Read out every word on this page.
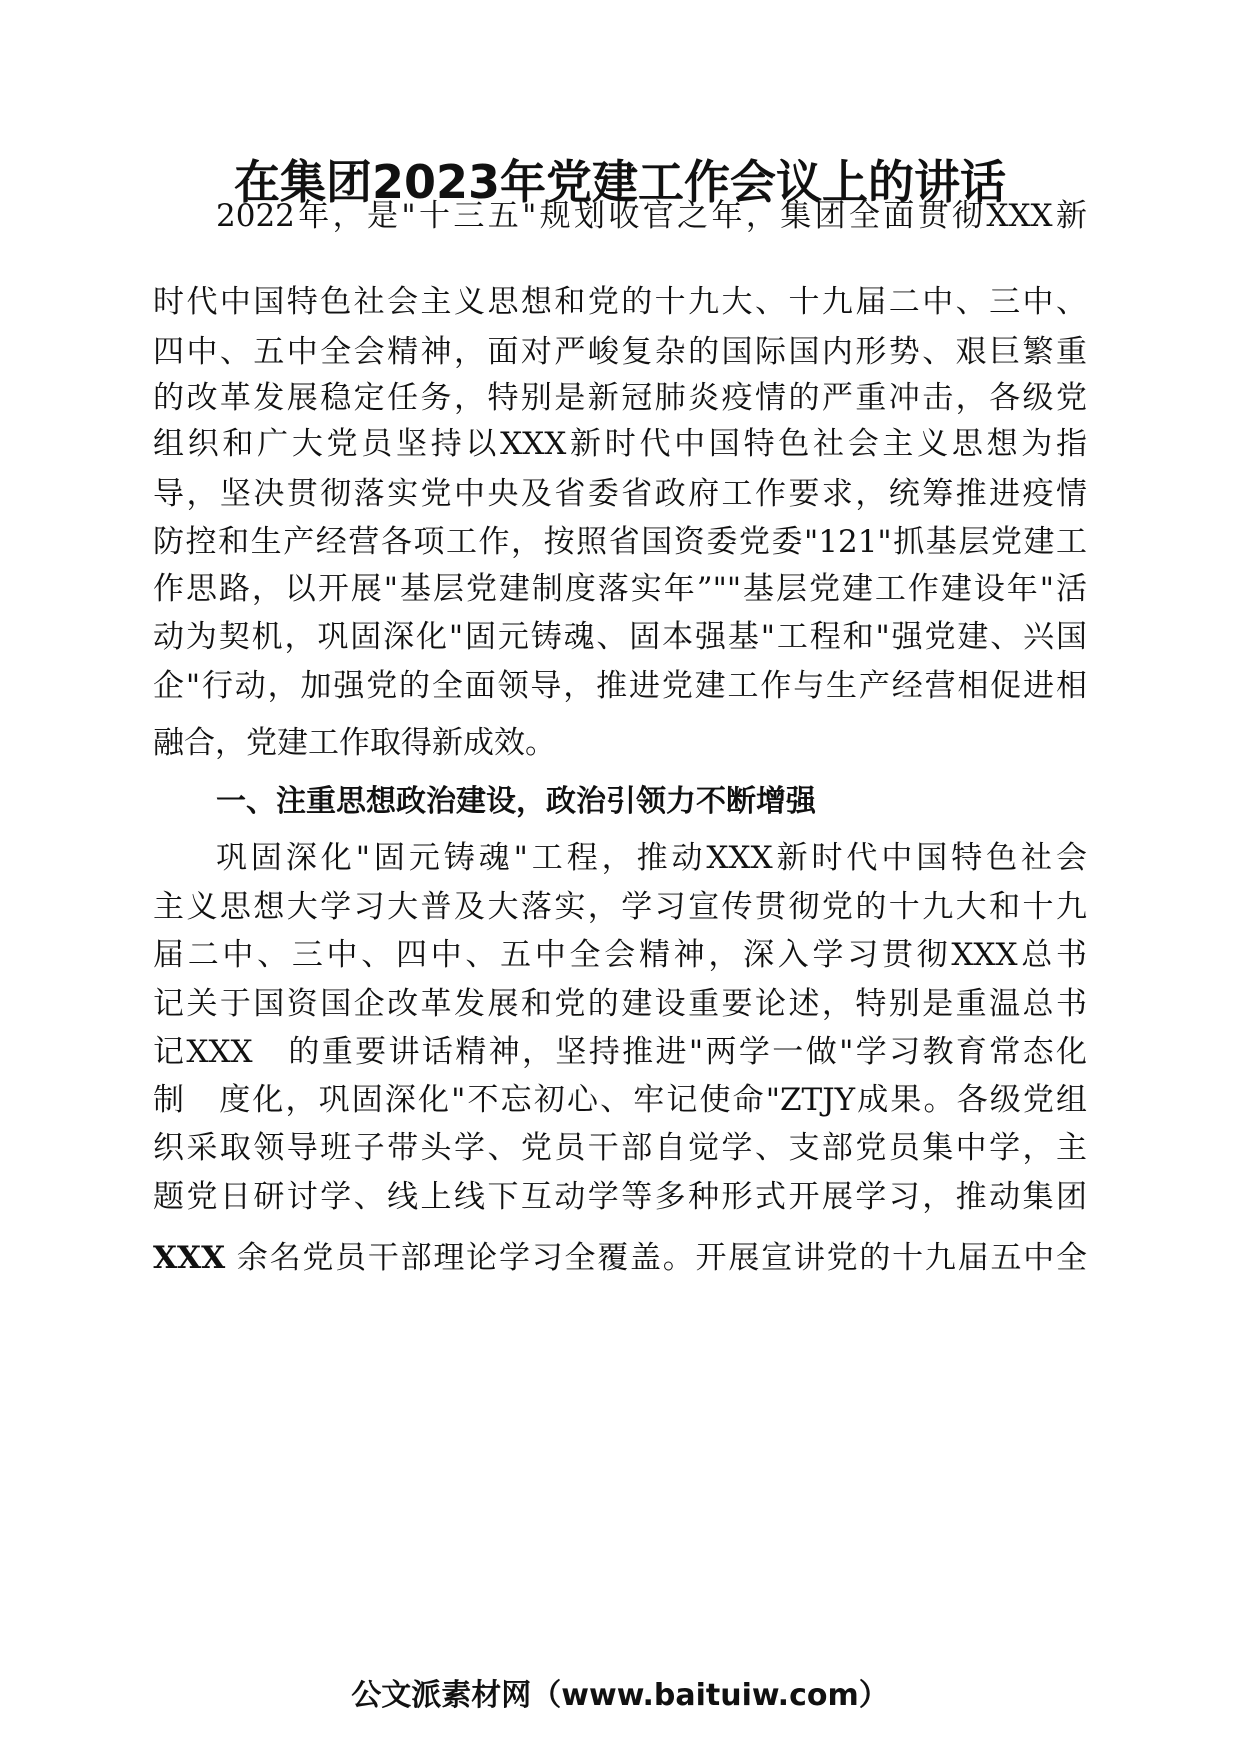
在集团2023年党建工作会议上的讲话

2022年，是"十三五"规划收官之年，集团全面贯彻XXX新

时代中国特色社会主义思想和党的十九大、十九届二中、三中、

四中、五中全会精神，面对严峻复杂的国际国内形势、艰巨繁重

的改革发展稳定任务，特别是新冠肺炎疫情的严重冲击，各级党

组织和广大党员坚持以XXX新时代中国特色社会主义思想为指

导，坚决贯彻落实党中央及省委省政府工作要求，统筹推进疫情

防控和生产经营各项工作，按照省国资委党委"121"抓基层党建工

作思路，以开展"基层党建制度落实年”""基层党建工作建设年"活

动为契机，巩固深化"固元铸魂、固本强基"工程和"强党建、兴国

企"行动，加强党的全面领导，推进党建工作与生产经营相促进相

融合，党建工作取得新成效。

一、注重思想政治建设，政治引领力不断增强

巩固深化"固元铸魂"工程，推动XXX新时代中国特色社会

主义思想大学习大普及大落实，学习宣传贯彻党的十九大和十九

届二中、三中、四中、五中全会精神，深入学习贯彻XXX总书

记关于国资国企改革发展和党的建设重要论述，特别是重温总书

记XXX　的重要讲话精神，坚持推进"两学一做"学习教育常态化

制　度化，巩固深化"不忘初心、牢记使命"ZTJY成果。各级党组

织采取领导班子带头学、党员干部自觉学、支部党员集中学，主

题党日研讨学、线上线下互动学等多种形式开展学习，推动集团

XXX 余名党员干部理论学习全覆盖。开展宣讲党的十九届五中全

公文派素材网（www.baituiw.com）
